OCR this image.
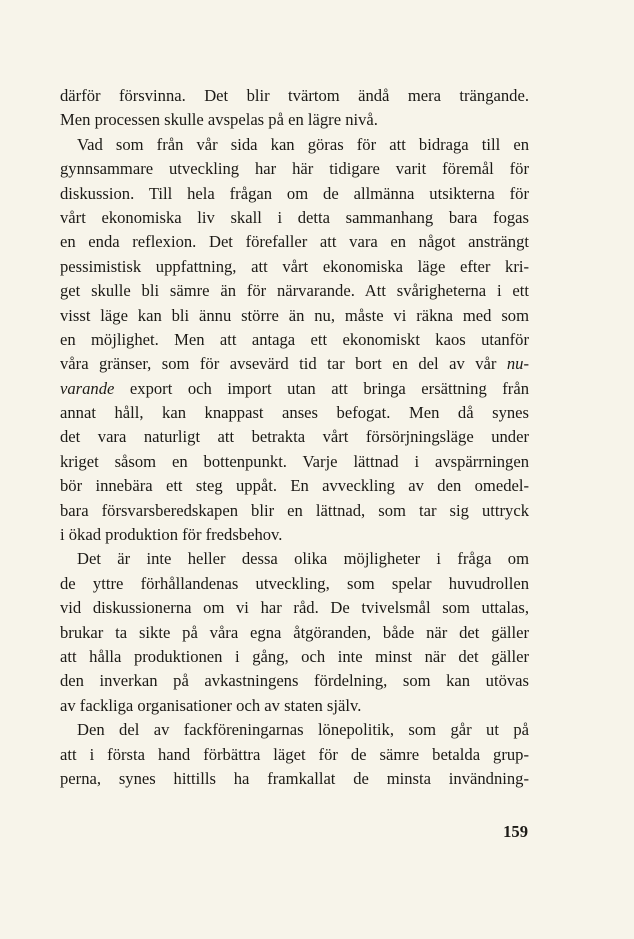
därför försvinna. Det blir tvärtom ändå mera trängande.
Men processen skulle avspelas på en lägre nivå.
Vad som från vår sida kan göras för att bidraga till en
gynnsammare utveckling har här tidigare varit föremål för
diskussion. Till hela frågan om de allmänna utsikterna för
vårt ekonomiska liv skall i detta sammanhang bara fogas
en enda reflexion. Det förefaller att vara en något ansträngt
pessimistisk uppfattning, att vårt ekonomiska läge efter kri-
get skulle bli sämre än för närvarande. Att svårigheterna i ett
visst läge kan bli ännu större än nu, måste vi räkna med som
en möjlighet. Men att antaga ett ekonomiskt kaos utanför
våra gränser, som för avsevärd tid tar bort en del av vår nu-
varande export och import utan att bringa ersättning från
annat håll, kan knappast anses befogat. Men då synes
det vara naturligt att betrakta vårt försörjningsläge under
kriget såsom en bottenpunkt. Varje lättnad i avspärrningen
bör innebära ett steg uppåt. En avveckling av den omedel-
bara försvarsberedskapen blir en lättnad, som tar sig uttryck
i ökad produktion för fredsbehov.
Det är inte heller dessa olika möjligheter i fråga om
de yttre förhållandenas utveckling, som spelar huvudrollen
vid diskussionerna om vi har råd. De tvivelsmål som uttalas,
brukar ta sikte på våra egna åtgöranden, både när det gäller
att hålla produktionen i gång, och inte minst när det gäller
den inverkan på avkastningens fördelning, som kan utövas
av fackliga organisationer och av staten själv.
Den del av fackföreningarnas lönepolitik, som går ut på
att i första hand förbättra läget för de sämre betalda grup-
perna, synes hittills ha framkallat de minsta invändning-
159
